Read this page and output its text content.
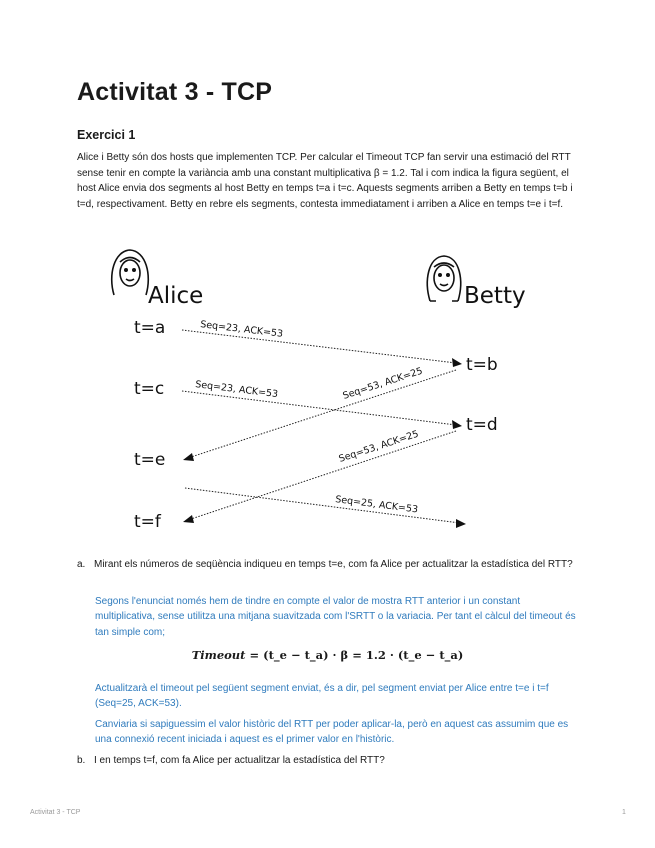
Activitat 3 - TCP
Exercici 1

Alice i Betty són dos hosts que implementen TCP. Per calcular el Timeout TCP fan servir una estimació del RTT sense tenir en compte la variància amb una constant multiplicativa β = 1.2. Tal i com indica la figura següent, el host Alice envia dos segments al host Betty en temps t=a i t=c. Aquests segments arriben a Betty en temps t=b i t=d, respectivament. Betty en rebre els segments, contesta immediatament i arriben a Alice en temps t=e i t=f.

Alice	Betty
t=a
t=c
t=e
t=f
t=b
t=d
Seq=23, ACK=53
Seq=23, ACK=53	Seq=53, ACK=25
Seq=53, ACK=25
Seq=25, ACK=53
a. Mirant els números de seqüència indiqueu en temps t=e, com fa Alice per actualitzar la estadística del RTT?

Segons l'enunciat només hem de tindre en compte el valor de mostra RTT anterior i un constant multiplicativa, sense utilitza una mitjana suavitzada com l'SRTT o la variacia. Per tant el càlcul del timeout és tan simple com;

Timeout = (t_e − t_a) · β = 1.2 · (t_e − t_a)

Actualitzarà el timeout pel següent segment enviat, és a dir, pel segment enviat per Alice entre t=e i t=f (Seq=25, ACK=53).

Canviaria si sapiguessim el valor històric del RTT per poder aplicar-la, però en aquest cas assumim que es una connexió recent iniciada i aquest es el primer valor en l'històric.

b. I en temps t=f, com fa Alice per actualitzar la estadística del RTT?
Activitat 3 - TCP	1
